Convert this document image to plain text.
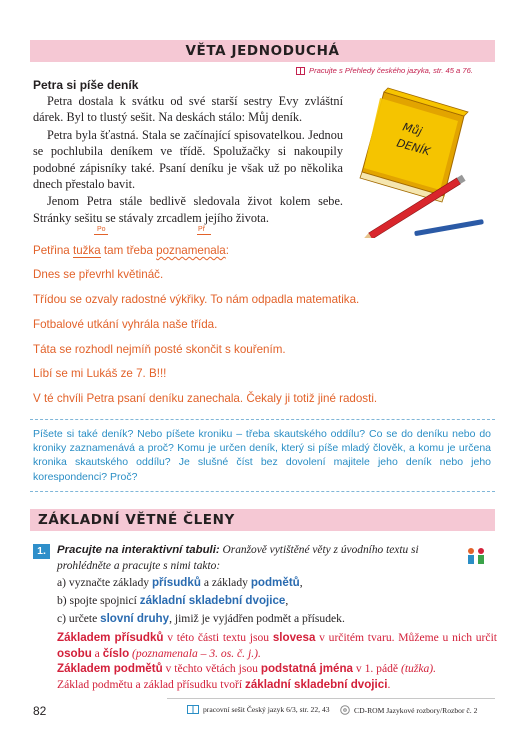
VĚTA JEDNODUCHÁ
Pracujte s Přehledy českého jazyka, str. 45 a 76.
Petra si píše deník

Petra dostala k svátku od své starší sestry Evy zvláštní dárek. Byl to tlustý sešit. Na deskách stálo: Můj deník.

Petra byla šťastná. Stala se začínající spisovatelkou. Jednou se pochlubila deníkem ve třídě. Spolužačky si nakoupily podobné zápisníky také. Psaní deníku je však už po několika dnech přestalo bavit.

Jenom Petra stále bedlivě sledovala život kolem sebe. Stránky sešitu se stávaly zrcadlem jejího života.

Můj
DENÍK
Po	Př
Petřina tužka tam třeba poznamenala:
Dnes se převrhl květináč.
Třídou se ozvaly radostné výkřiky. To nám odpadla matematika.
Fotbalové utkání vyhrála naše třída.
Táta se rozhodl nejmíň posté skončit s kouřením.
Líbí se mi Lukáš ze 7. B!!!
V té chvíli Petra psaní deníku zanechala. Čekaly ji totiž jiné radosti.
Píšete si také deník? Nebo píšete kroniku – třeba skautského oddílu? Co se do deníku nebo do kroniky zaznamenává a proč? Komu je určen deník, který si píše mladý člověk, a komu je určena kronika skautského oddílu? Je slušné číst bez dovolení majitele jeho deník nebo jeho korespondenci? Proč?
ZÁKLADNÍ VĚTNÉ ČLENY
1. Pracujte na interaktivní tabuli: Oranžově vytištěné věty z úvodního textu si prohlédněte a pracujte s nimi takto:
a) vyznačte základy přísudků a základy podmětů,
b) spojte spojnicí základní skladební dvojice,
c) určete slovní druhy, jimiž je vyjádřen podmět a přísudek.
Základem přísudků v této části textu jsou slovesa v určitém tvaru. Můžeme u nich určit osobu a číslo (poznamenala – 3. os. č. j.).
Základem podmětů v těchto větách jsou podstatná jména v 1. pádě (tužka).
Základ podmětu a základ přísudku tvoří základní skladební dvojici.
82	pracovní sešit Český jazyk 6/3, str. 22, 43	CD-ROM Jazykové rozbory/Rozbor č. 2
